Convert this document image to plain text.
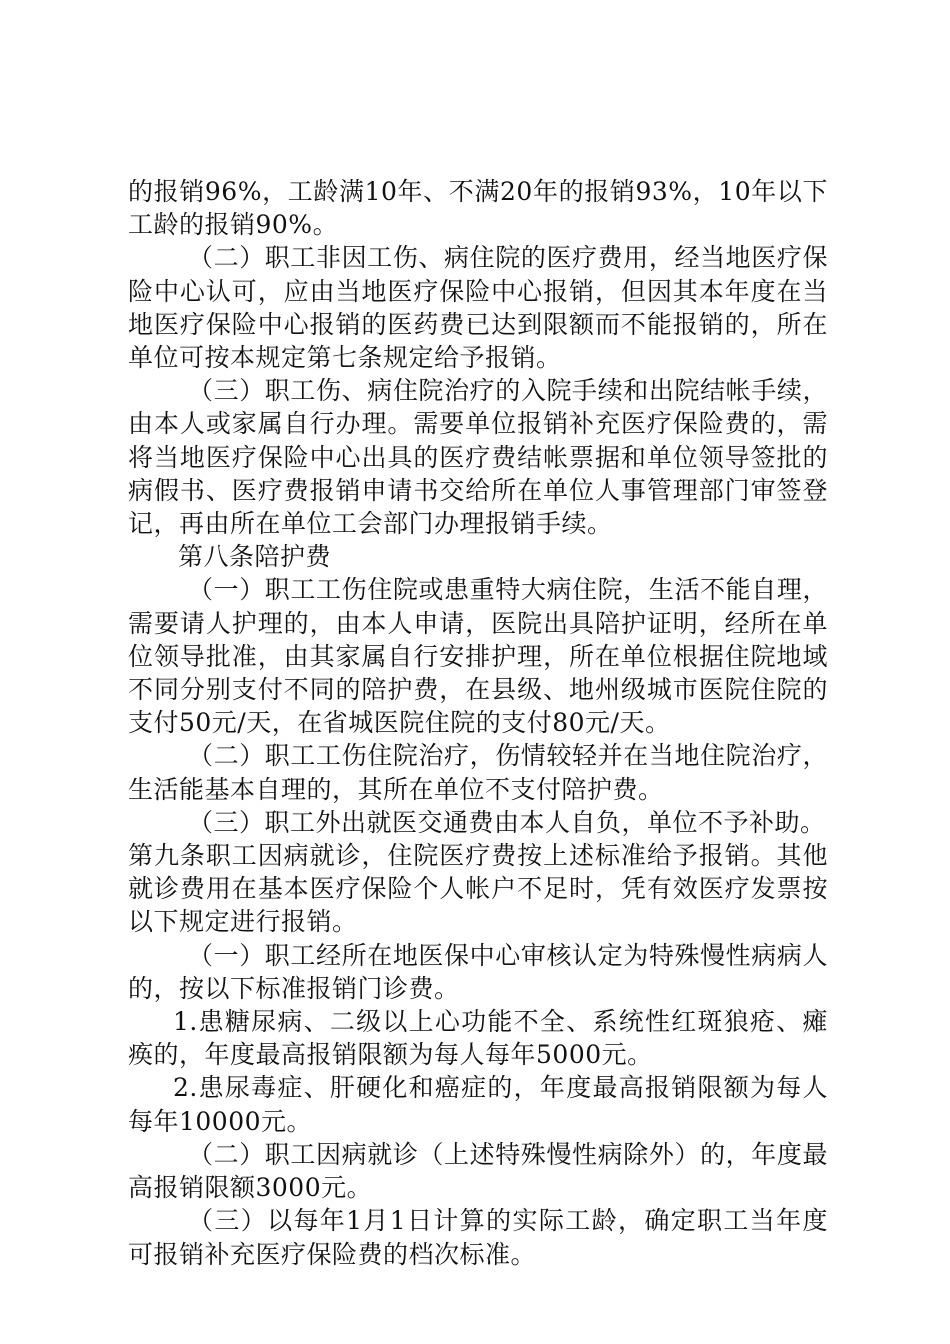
的报销96%，工龄满10年、不满20年的报销93%，10年以下工龄的报销90%。

（二）职工非因工伤、病住院的医疗费用，经当地医疗保险中心认可，应由当地医疗保险中心报销，但因其本年度在当地医疗保险中心报销的医药费已达到限额而不能报销的，所在单位可按本规定第七条规定给予报销。

（三）职工伤、病住院治疗的入院手续和出院结帐手续，由本人或家属自行办理。需要单位报销补充医疗保险费的，需将当地医疗保险中心出具的医疗费结帐票据和单位领导签批的病假书、医疗费报销申请书交给所在单位人事管理部门审签登记，再由所在单位工会部门办理报销手续。

第八条陪护费

（一）职工工伤住院或患重特大病住院，生活不能自理，需要请人护理的，由本人申请，医院出具陪护证明，经所在单位领导批准，由其家属自行安排护理，所在单位根据住院地域不同分别支付不同的陪护费，在县级、地州级城市医院住院的支付50元/天，在省城医院住院的支付80元/天。

（二）职工工伤住院治疗，伤情较轻并在当地住院治疗，生活能基本自理的，其所在单位不支付陪护费。

（三）职工外出就医交通费由本人自负，单位不予补助。

第九条职工因病就诊，住院医疗费按上述标准给予报销。其他就诊费用在基本医疗保险个人帐户不足时，凭有效医疗发票按以下规定进行报销。

（一）职工经所在地医保中心审核认定为特殊慢性病病人的，按以下标准报销门诊费。

1.患糖尿病、二级以上心功能不全、系统性红斑狼疮、瘫痪的，年度最高报销限额为每人每年5000元。

2.患尿毒症、肝硬化和癌症的，年度最高报销限额为每人每年10000元。

（二）职工因病就诊（上述特殊慢性病除外）的，年度最高报销限额3000元。

（三）以每年1月1日计算的实际工龄，确定职工当年度可报销补充医疗保险费的档次标准。
